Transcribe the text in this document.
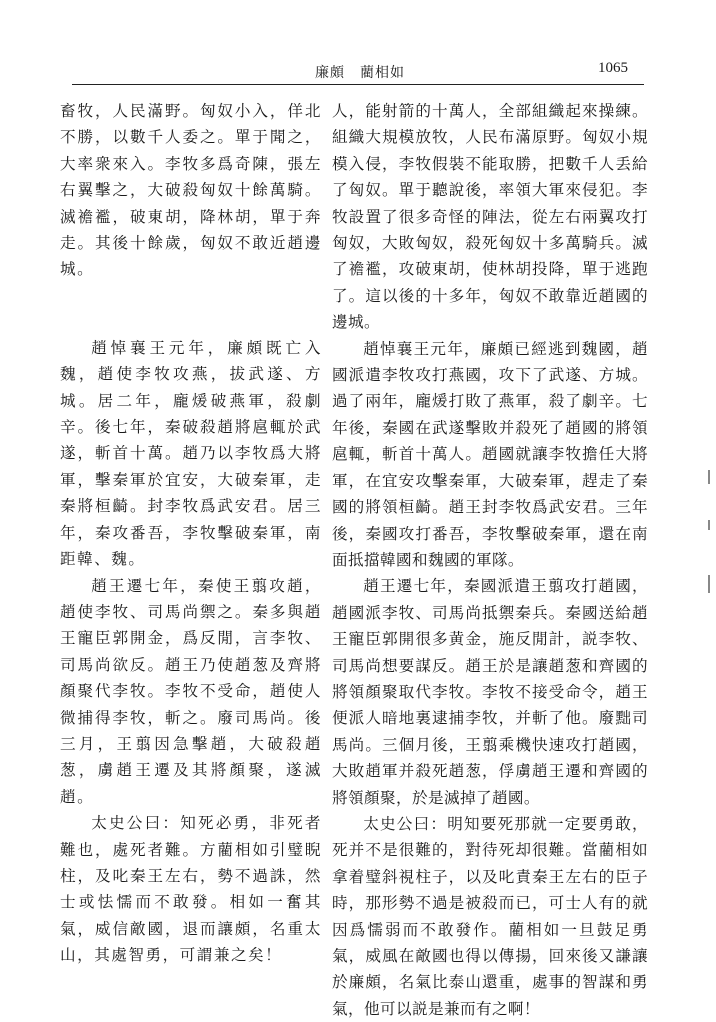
廉頗　藺相如	1065

畜牧，人民滿野。匈奴小入，佯北不勝，以數千人委之。單于聞之，大率衆來入。李牧多爲奇陳，張左右翼擊之，大破殺匈奴十餘萬騎。滅襜襤，破東胡，降林胡，單于奔走。其後十餘歲，匈奴不敢近趙邊城。

趙悼襄王元年，廉頗既亡入魏，趙使李牧攻燕，拔武遂、方城。居二年，龐煖破燕軍，殺劇辛。後七年，秦破殺趙將扈輒於武遂，斬首十萬。趙乃以李牧爲大將軍，擊秦軍於宜安，大破秦軍，走秦將桓齮。封李牧爲武安君。居三年，秦攻番吾，李牧擊破秦軍，南距韓、魏。

趙王遷七年，秦使王翦攻趙，趙使李牧、司馬尚禦之。秦多與趙王寵臣郭開金，爲反閒，言李牧、司馬尚欲反。趙王乃使趙葱及齊將顏聚代李牧。李牧不受命，趙使人微捕得李牧，斬之。廢司馬尚。後三月，王翦因急擊趙，大破殺趙葱，虜趙王遷及其將顏聚，遂滅趙。

太史公曰：知死必勇，非死者難也，處死者難。方藺相如引璧睨柱，及叱秦王左右，勢不過誅，然士或怯懦而不敢發。相如一奮其氣，威信敵國，退而讓頗，名重太山，其處智勇，可謂兼之矣！

人，能射箭的十萬人，全部組織起來操練。組織大規模放牧，人民布滿原野。匈奴小規模入侵，李牧假裝不能取勝，把數千人丢給了匈奴。單于聽說後，率領大軍來侵犯。李牧設置了很多奇怪的陣法，從左右兩翼攻打匈奴，大敗匈奴，殺死匈奴十多萬騎兵。滅了襜襤，攻破東胡，使林胡投降，單于逃跑了。這以後的十多年，匈奴不敢靠近趙國的邊城。

趙悼襄王元年，廉頗已經逃到魏國，趙國派遣李牧攻打燕國，攻下了武遂、方城。過了兩年，龐煖打敗了燕軍，殺了劇辛。七年後，秦國在武遂擊敗并殺死了趙國的將領扈輒，斬首十萬人。趙國就讓李牧擔任大將軍，在宜安攻擊秦軍，大破秦軍，趕走了秦國的將領桓齮。趙王封李牧爲武安君。三年後，秦國攻打番吾，李牧擊破秦軍，還在南面抵擋韓國和魏國的軍隊。

趙王遷七年，秦國派遣王翦攻打趙國，趙國派李牧、司馬尚抵禦秦兵。秦國送給趙王寵臣郭開很多黄金，施反閒計，説李牧、司馬尚想要謀反。趙王於是讓趙葱和齊國的將領顏聚取代李牧。李牧不接受命令，趙王便派人暗地裏逮捕李牧，并斬了他。廢黜司馬尚。三個月後，王翦乘機快速攻打趙國，大敗趙軍并殺死趙葱，俘虜趙王遷和齊國的將領顏聚，於是滅掉了趙國。

太史公曰：明知要死那就一定要勇敢，死并不是很難的，對待死却很難。當藺相如拿着璧斜視柱子，以及叱責秦王左右的臣子時，那形勢不過是被殺而已，可士人有的就因爲懦弱而不敢發作。藺相如一旦鼓足勇氣，威風在敵國也得以傳揚，回來後又謙讓於廉頗，名氣比泰山還重，處事的智謀和勇氣，他可以説是兼而有之啊！
